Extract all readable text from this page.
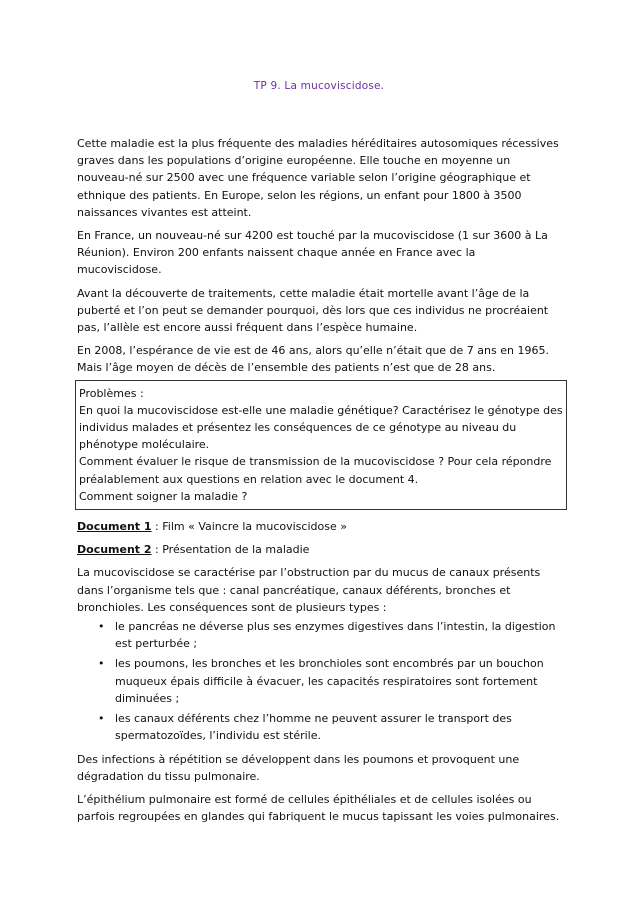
TP 9. La mucoviscidose.

Cette maladie est la plus fréquente des maladies héréditaires autosomiques récessives graves dans les populations d’origine européenne. Elle touche en moyenne un nouveau-né sur 2500 avec une fréquence variable selon l’origine géographique et ethnique des patients. En Europe, selon les régions, un enfant pour 1800 à 3500 naissances vivantes est atteint.

En France, un nouveau-né sur 4200 est touché par la mucoviscidose (1 sur 3600 à La Réunion). Environ 200 enfants naissent chaque année en France avec la mucoviscidose.

Avant la découverte de traitements, cette maladie était mortelle avant l’âge de la puberté et l’on peut se demander pourquoi, dès lors que ces individus ne procréaient pas, l’allèle est encore aussi fréquent dans l’espèce humaine.

En 2008, l’espérance de vie est de 46 ans, alors qu’elle n’était que de 7 ans en 1965. Mais l’âge moyen de décès de l’ensemble des patients n’est que de 28 ans.

Problèmes :
En quoi la mucoviscidose est-elle une maladie génétique? Caractérisez le génotype des individus malades et présentez les conséquences de ce génotype au niveau du phénotype moléculaire.
Comment évaluer le risque de transmission de la mucoviscidose ? Pour cela répondre préalablement aux questions en relation avec le document 4.
Comment soigner la maladie ?

Document 1 : Film « Vaincre la mucoviscidose »

Document 2 : Présentation de la maladie

La mucoviscidose se caractérise par l’obstruction par du mucus de canaux présents dans l’organisme tels que : canal pancréatique, canaux déférents, bronches et bronchioles. Les conséquences sont de plusieurs types :

• le pancréas ne déverse plus ses enzymes digestives dans l’intestin, la digestion est perturbée ;
• les poumons, les bronches et les bronchioles sont encombrés par un bouchon muqueux épais difficile à évacuer, les capacités respiratoires sont fortement diminuées ;
• les canaux déférents chez l’homme ne peuvent assurer le transport des spermatozoïdes, l’individu est stérile.

Des infections à répétition se développent dans les poumons et provoquent une dégradation du tissu pulmonaire.

L’épithélium pulmonaire est formé de cellules épithéliales et de cellules isolées ou parfois regroupées en glandes qui fabriquent le mucus tapissant les voies pulmonaires.
